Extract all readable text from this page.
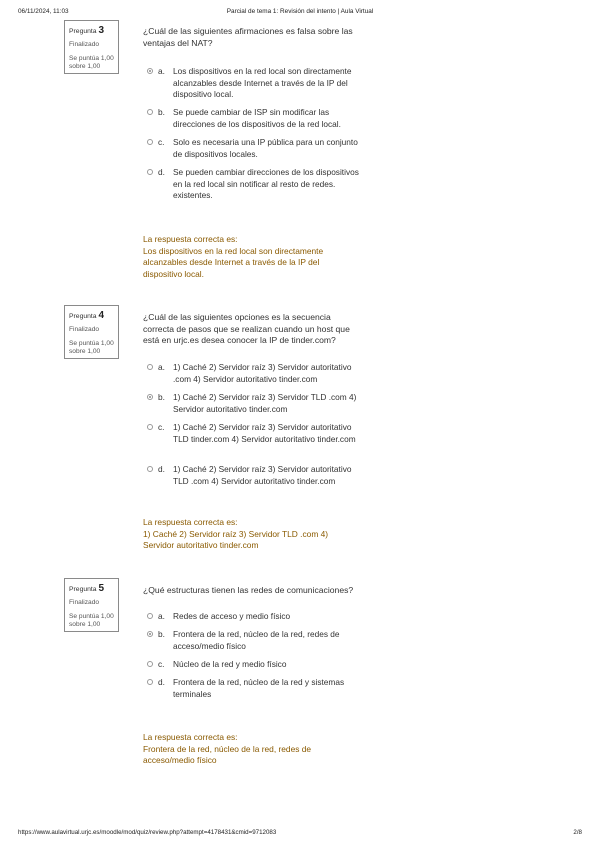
06/11/2024, 11:03	Parcial de tema 1: Revisión del intento | Aula Virtual
Pregunta 3
Finalizado
Se puntúa 1,00 sobre 1,00
¿Cuál de las siguientes afirmaciones es falsa sobre las ventajas del NAT?
a. Los dispositivos en la red local son directamente alcanzables desde Internet a través de la IP del dispositivo local.
b. Se puede cambiar de ISP sin modificar las direcciones de los dispositivos de la red local.
c. Solo es necesaria una IP pública para un conjunto de dispositivos locales.
d. Se pueden cambiar direcciones de los dispositivos en la red local sin notificar al resto de redes. existentes.
La respuesta correcta es:
Los dispositivos en la red local son directamente alcanzables desde Internet a través de la IP del dispositivo local.
Pregunta 4
Finalizado
Se puntúa 1,00 sobre 1,00
¿Cuál de las siguientes opciones es la secuencia correcta de pasos que se realizan cuando un host que está en urjc.es desea conocer la IP de tinder.com?
a. 1) Caché 2) Servidor raíz 3) Servidor autoritativo .com 4) Servidor autoritativo tinder.com
b. 1) Caché 2) Servidor raíz 3) Servidor TLD .com 4) Servidor autoritativo tinder.com
c. 1) Caché 2) Servidor raíz 3) Servidor autoritativo TLD tinder.com 4) Servidor autoritativo tinder.com
d. 1) Caché 2) Servidor raíz 3) Servidor autoritativo TLD .com 4) Servidor autoritativo tinder.com
La respuesta correcta es:
1) Caché 2) Servidor raíz 3) Servidor TLD .com 4) Servidor autoritativo tinder.com
Pregunta 5
Finalizado
Se puntúa 1,00 sobre 1,00
¿Qué estructuras tienen las redes de comunicaciones?
a. Redes de acceso y medio físico
b. Frontera de la red, núcleo de la red, redes de acceso/medio físico
c. Núcleo de la red y medio físico
d. Frontera de la red, núcleo de la red y sistemas terminales
La respuesta correcta es:
Frontera de la red, núcleo de la red, redes de acceso/medio físico
https://www.aulavirtual.urjc.es/moodle/mod/quiz/review.php?attempt=4178431&cmid=9712083	2/8
